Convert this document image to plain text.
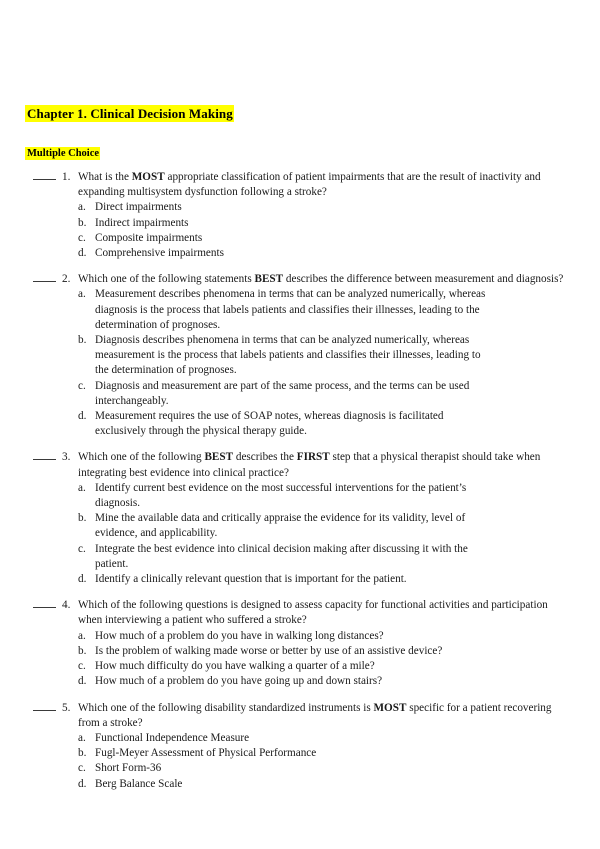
Chapter 1. Clinical Decision Making
Multiple Choice
1. What is the MOST appropriate classification of patient impairments that are the result of inactivity and expanding multisystem dysfunction following a stroke?
a. Direct impairments
b. Indirect impairments
c. Composite impairments
d. Comprehensive impairments
2. Which one of the following statements BEST describes the difference between measurement and diagnosis?
a. Measurement describes phenomena in terms that can be analyzed numerically, whereas diagnosis is the process that labels patients and classifies their illnesses, leading to the determination of prognoses.
b. Diagnosis describes phenomena in terms that can be analyzed numerically, whereas measurement is the process that labels patients and classifies their illnesses, leading to the determination of prognoses.
c. Diagnosis and measurement are part of the same process, and the terms can be used interchangeably.
d. Measurement requires the use of SOAP notes, whereas diagnosis is facilitated exclusively through the physical therapy guide.
3. Which one of the following BEST describes the FIRST step that a physical therapist should take when integrating best evidence into clinical practice?
a. Identify current best evidence on the most successful interventions for the patient’s diagnosis.
b. Mine the available data and critically appraise the evidence for its validity, level of evidence, and applicability.
c. Integrate the best evidence into clinical decision making after discussing it with the patient.
d. Identify a clinically relevant question that is important for the patient.
4. Which of the following questions is designed to assess capacity for functional activities and participation when interviewing a patient who suffered a stroke?
a. How much of a problem do you have in walking long distances?
b. Is the problem of walking made worse or better by use of an assistive device?
c. How much difficulty do you have walking a quarter of a mile?
d. How much of a problem do you have going up and down stairs?
5. Which one of the following disability standardized instruments is MOST specific for a patient recovering from a stroke?
a. Functional Independence Measure
b. Fugl-Meyer Assessment of Physical Performance
c. Short Form-36
d. Berg Balance Scale
